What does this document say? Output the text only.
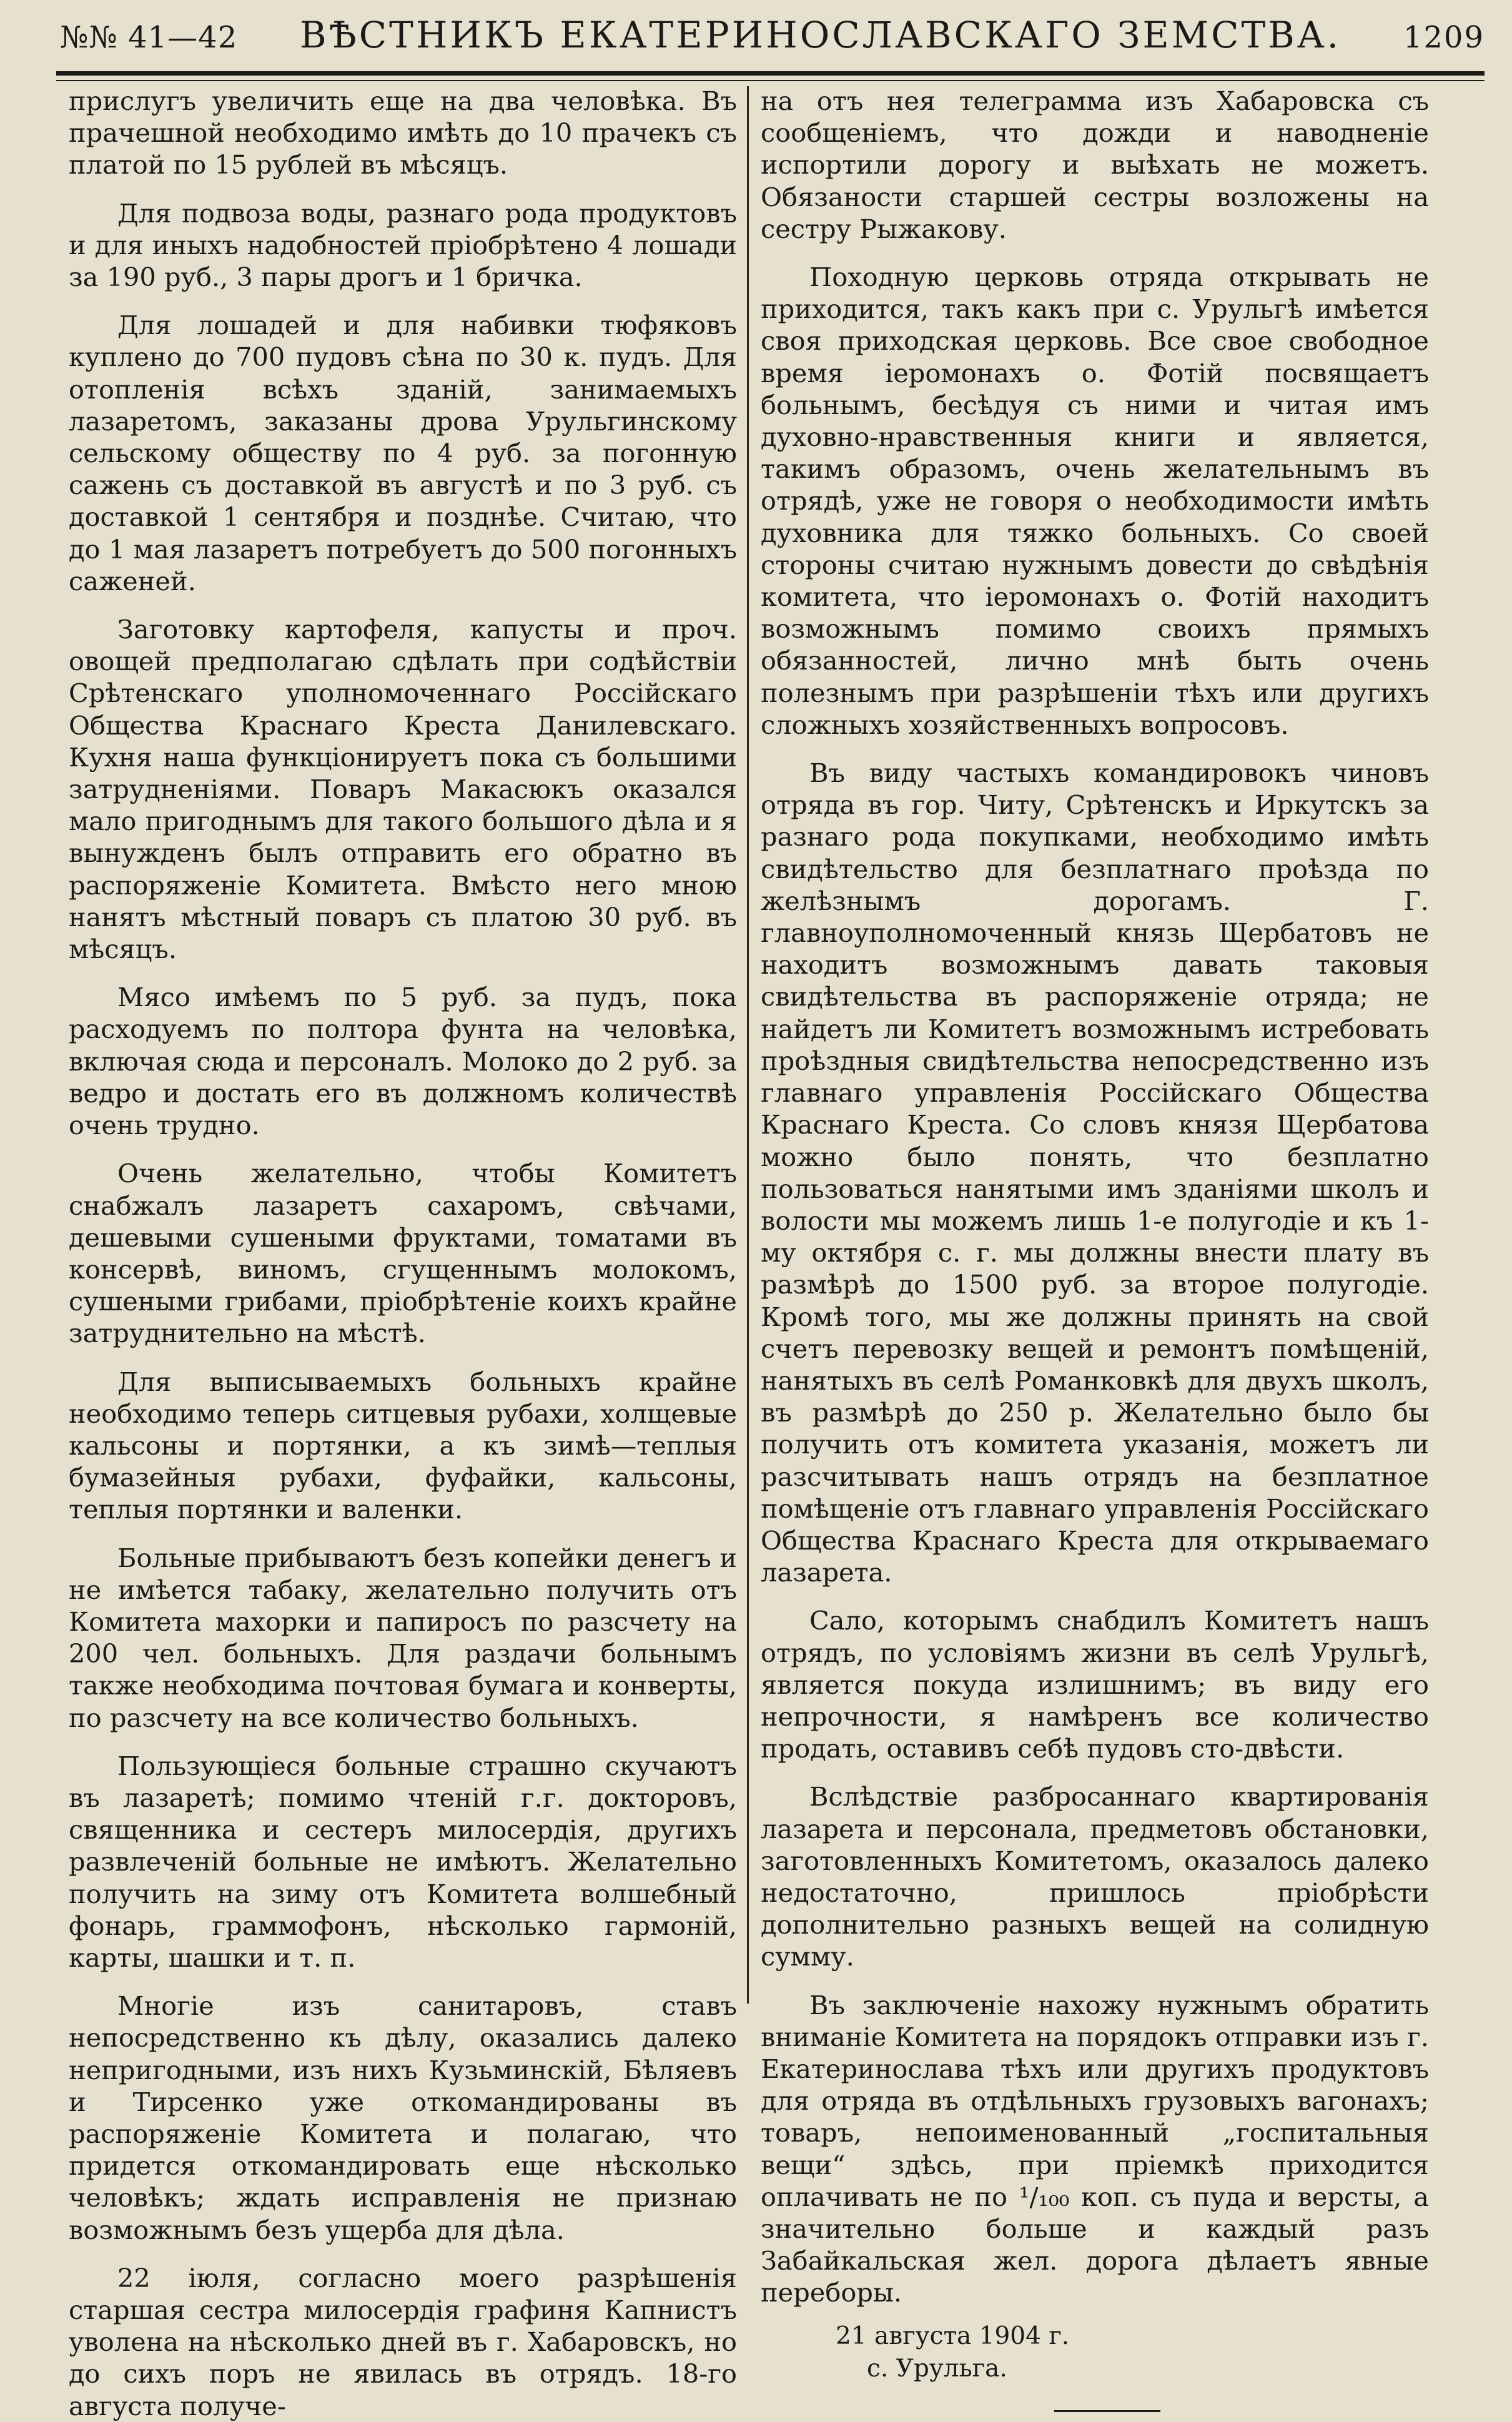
№№ 41—42 ВѢСТНИКЪ ЕКАТЕРИНОСЛАВСКАГО ЗЕМСТВА. 1209

прислугъ увеличить еще на два человѣка. Въ прачешной необходимо имѣть до 10 прачекъ съ платой по 15 рублей въ мѣсяцъ.

Для подвоза воды, разнаго рода продуктовъ и для иныхъ надобностей пріобрѣтено 4 лошади за 190 руб., 3 пары дрогъ и 1 бричка.

Для лошадей и для набивки тюфяковъ куплено до 700 пудовъ сѣна по 30 к. пудъ. Для отопленія всѣхъ зданій, занимаемыхъ лазаретомъ, заказаны дрова Урульгинскому сельскому обществу по 4 руб. за погонную сажень съ доставкой въ августѣ и по 3 руб. съ доставкой 1 сентября и позднѣе. Считаю, что до 1 мая лазаретъ потребуетъ до 500 погонныхъ саженей.

Заготовку картофеля, капусты и проч. овощей предполагаю сдѣлать при содѣйствіи Срѣтенскаго уполномоченнаго Россійскаго Общества Краснаго Креста Данилевскаго. Кухня наша функціонируетъ пока съ большими затрудненіями. Поваръ Макасюкъ оказался мало пригоднымъ для такого большого дѣла и я вынужденъ былъ отправить его обратно въ распоряженіе Комитета. Вмѣсто него мною нанятъ мѣстный поваръ съ платою 30 руб. въ мѣсяцъ.

Мясо имѣемъ по 5 руб. за пудъ, пока расходуемъ по полтора фунта на человѣка, включая сюда и персоналъ. Молоко до 2 руб. за ведро и достать его въ должномъ количествѣ очень трудно.

Очень желательно, чтобы Комитетъ снабжалъ лазаретъ сахаромъ, свѣчами, дешевыми сушеными фруктами, томатами въ консервѣ, виномъ, сгущеннымъ молокомъ, сушеными грибами, пріобрѣтеніе коихъ крайне затруднительно на мѣстѣ.

Для выписываемыхъ больныхъ крайне необходимо теперь ситцевыя рубахи, холщевые кальсоны и портянки, а къ зимѣ—теплыя бумазейныя рубахи, фуфайки, кальсоны, теплыя портянки и валенки.

Больные прибываютъ безъ копейки денегъ и не имѣется табаку, желательно получить отъ Комитета махорки и папиросъ по разсчету на 200 чел. больныхъ. Для раздачи больнымъ также необходима почтовая бумага и конверты, по разсчету на все количество больныхъ.

Пользующіеся больные страшно скучаютъ въ лазаретѣ; помимо чтеній г.г. докторовъ, священника и сестеръ милосердія, другихъ развлеченій больные не имѣютъ. Желательно получить на зиму отъ Комитета волшебный фонарь, граммофонъ, нѣсколько гармоній, карты, шашки и т. п.

Многіе изъ санитаровъ, ставъ непосредственно къ дѣлу, оказались далеко непригодными, изъ нихъ Кузьминскій, Бѣляевъ и Тирсенко уже откомандированы въ распоряженіе Комитета и полагаю, что придется откомандировать еще нѣсколько человѣкъ; ждать исправленія не признаю возможнымъ безъ ущерба для дѣла.

22 іюля, согласно моего разрѣшенія старшая сестра милосердія графиня Капнистъ уволена на нѣсколько дней въ г. Хабаровскъ, но до сихъ поръ не явилась въ отрядъ. 18-го августа получе-

на отъ нея телеграмма изъ Хабаровска съ сообщеніемъ, что дожди и наводненіе испортили дорогу и выѣхать не можетъ. Обязаности старшей сестры возложены на сестру Рыжакову.

Походную церковь отряда открывать не приходится, такъ какъ при с. Урульгѣ имѣется своя приходская церковь. Все свое свободное время іеромонахъ о. Фотій посвящаетъ больнымъ, бесѣдуя съ ними и читая имъ духовно-нравственныя книги и является, такимъ образомъ, очень желательнымъ въ отрядѣ, уже не говоря о необходимости имѣть духовника для тяжко больныхъ. Со своей стороны считаю нужнымъ довести до свѣдѣнія комитета, что іеромонахъ о. Фотій находитъ возможнымъ помимо своихъ прямыхъ обязанностей, лично мнѣ быть очень полезнымъ при разрѣшеніи тѣхъ или другихъ сложныхъ хозяйственныхъ вопросовъ.

Въ виду частыхъ командировокъ чиновъ отряда въ гор. Читу, Срѣтенскъ и Иркутскъ за разнаго рода покупками, необходимо имѣть свидѣтельство для безплатнаго проѣзда по желѣзнымъ дорогамъ. Г. главноуполномоченный князь Щербатовъ не находитъ возможнымъ давать таковыя свидѣтельства въ распоряженіе отряда; не найдетъ ли Комитетъ возможнымъ истребовать проѣздныя свидѣтельства непосредственно изъ главнаго управленія Россійскаго Общества Краснаго Креста. Со словъ князя Щербатова можно было понять, что безплатно пользоваться нанятыми имъ зданіями школъ и волости мы можемъ лишь 1-е полугодіе и къ 1-му октября с. г. мы должны внести плату въ размѣрѣ до 1500 руб. за второе полугодіе. Кромѣ того, мы же должны принять на свой счетъ перевозку вещей и ремонтъ помѣщеній, нанятыхъ въ селѣ Романковкѣ для двухъ школъ, въ размѣрѣ до 250 р. Желательно было бы получить отъ комитета указанія, можетъ ли разсчитывать нашъ отрядъ на безплатное помѣщеніе отъ главнаго управленія Россійскаго Общества Краснаго Креста для открываемаго лазарета.

Сало, которымъ снабдилъ Комитетъ нашъ отрядъ, по условіямъ жизни въ селѣ Урульгѣ, является покуда излишнимъ; въ виду его непрочности, я намѣренъ все количество продать, оставивъ себѣ пудовъ сто-двѣсти.

Вслѣдствіе разбросаннаго квартированія лазарета и персонала, предметовъ обстановки, заготовленныхъ Комитетомъ, оказалось далеко недостаточно, пришлось пріобрѣсти дополнительно разныхъ вещей на солидную сумму.

Въ заключеніе нахожу нужнымъ обратить вниманіе Комитета на порядокъ отправки изъ г. Екатеринослава тѣхъ или другихъ продуктовъ для отряда въ отдѣльныхъ грузовыхъ вагонахъ; товаръ, непоименованный „госпитальныя вещи“ здѣсь, при пріемкѣ приходится оплачивать не по ¹/₁₀₀ коп. съ пуда и версты, а значительно больше и каждый разъ Забайкальская жел. дорога дѣлаетъ явные переборы.

21 августа 1904 г.
с. Урульга.
